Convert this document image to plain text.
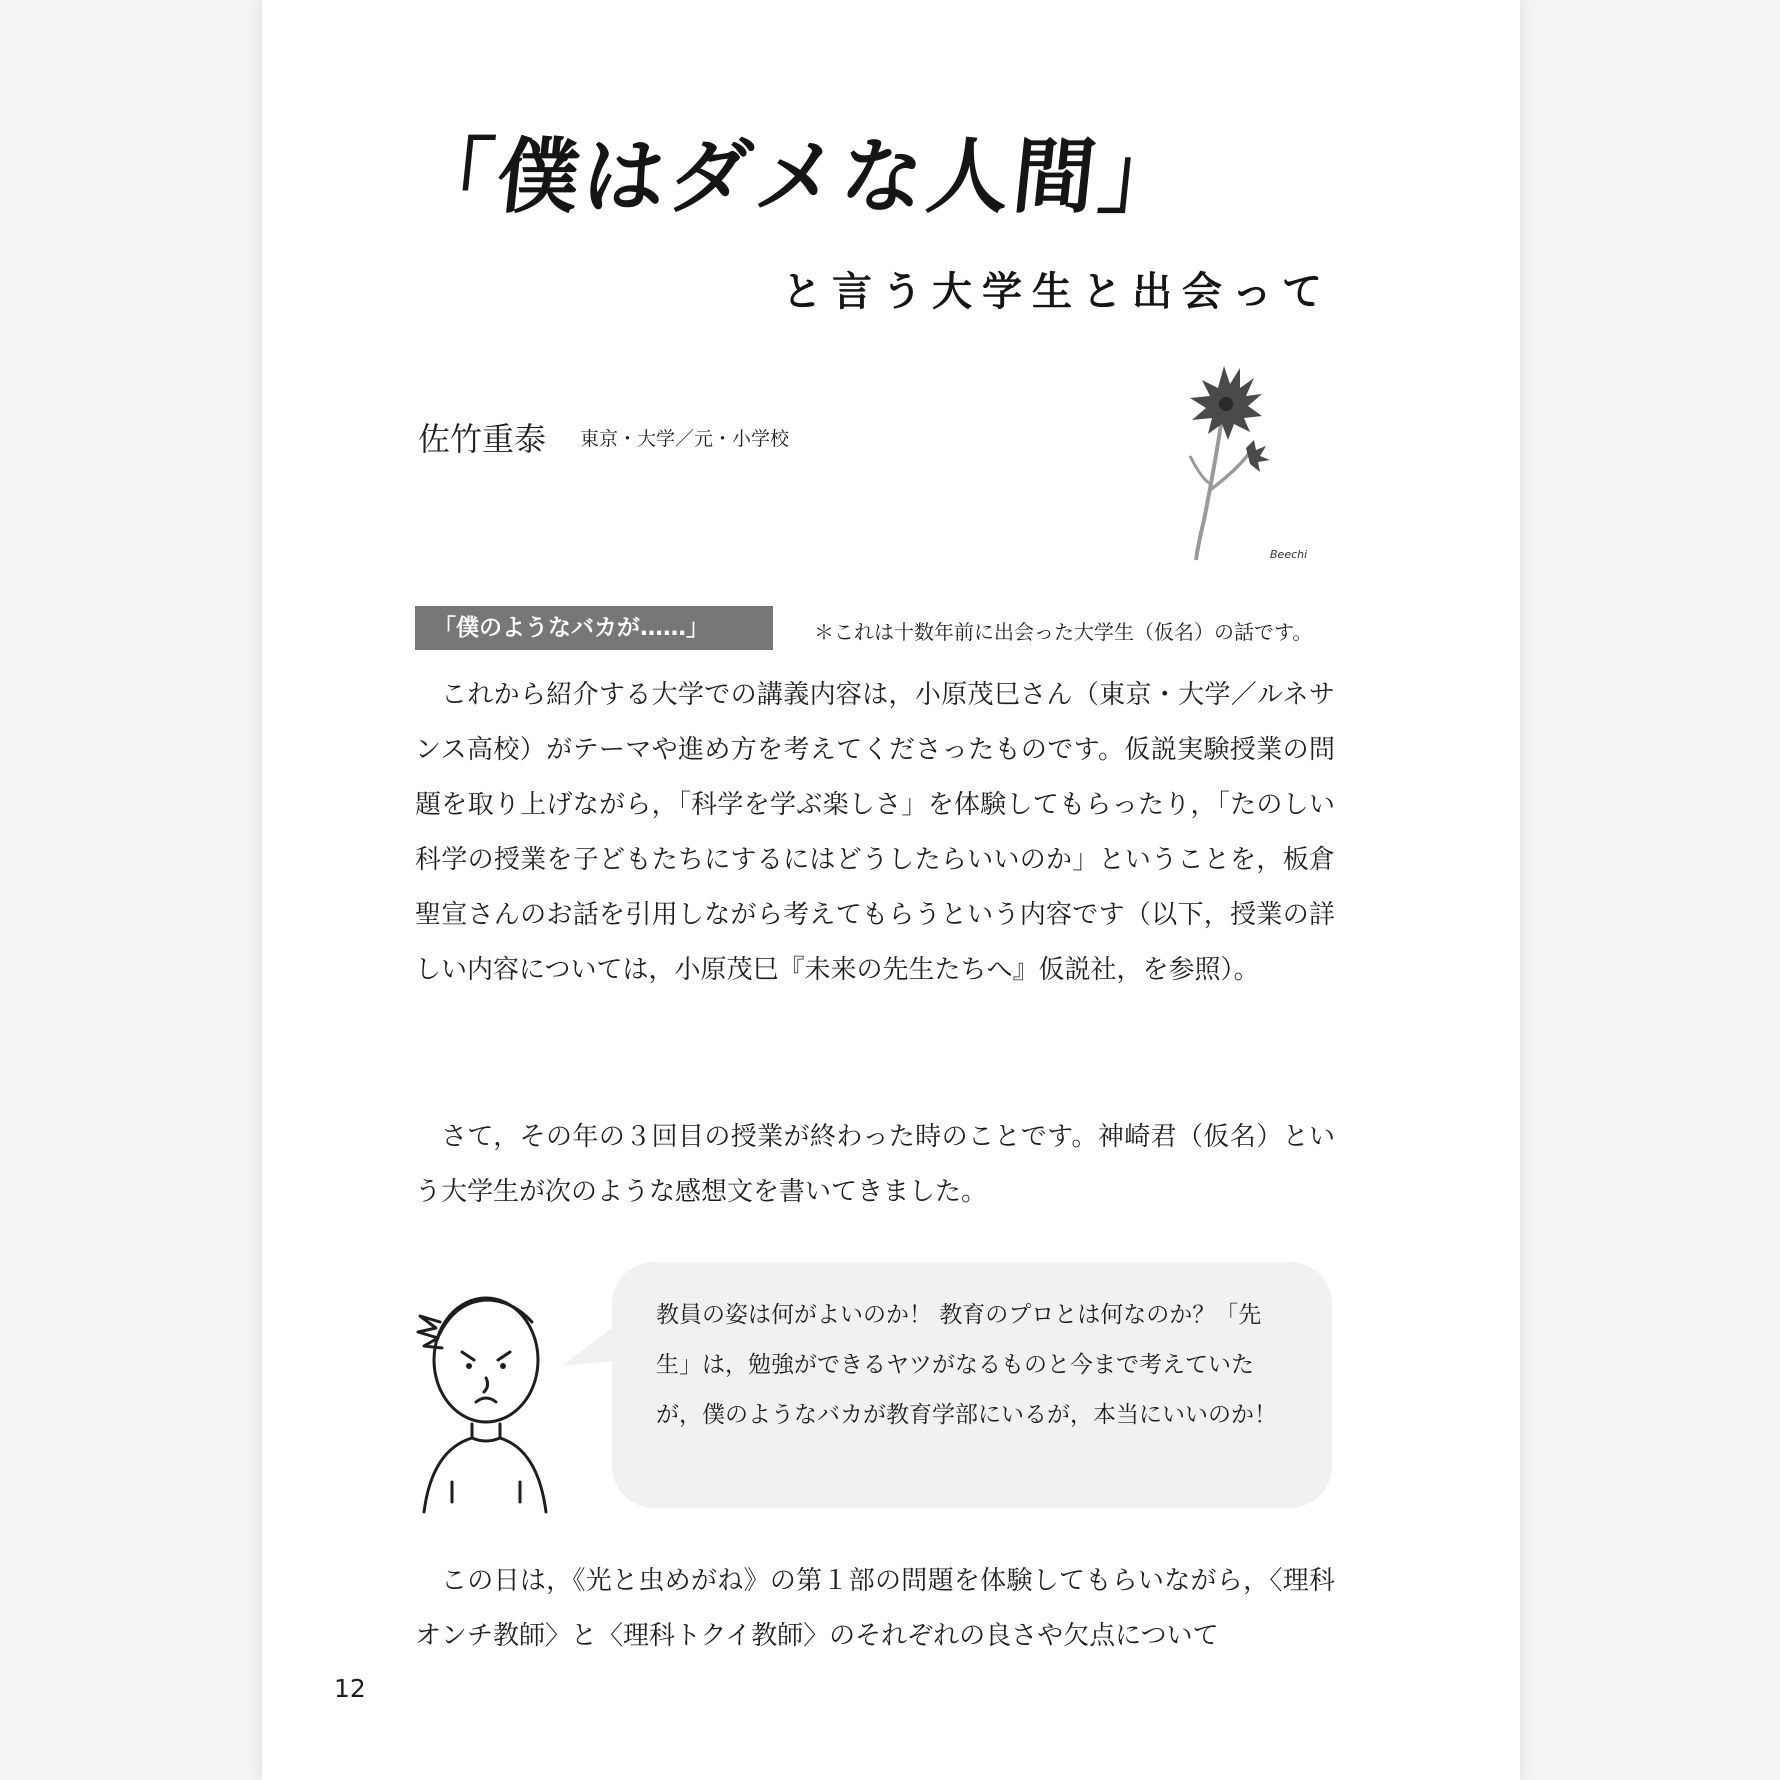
「僕はダメな人間」
と言う大学生と出会って
佐竹重泰 東京・大学／元・小学校
Beechi
「僕のようなバカが……」	＊これは十数年前に出会った大学生（仮名）の話です。

これから紹介する大学での講義内容は，小原茂巳さん（東京・大学／ルネサンス高校）がテーマや進め方を考えてくださったものです。仮説実験授業の問題を取り上げながら，「科学を学ぶ楽しさ」を体験してもらったり，「たのしい科学の授業を子どもたちにするにはどうしたらいいのか」ということを，板倉聖宣さんのお話を引用しながら考えてもらうという内容です（以下，授業の詳しい内容については，小原茂巳『未来の先生たちへ』仮説社，を参照）。

さて，その年の３回目の授業が終わった時のことです。神崎君（仮名）という大学生が次のような感想文を書いてきました。

教員の姿は何がよいのか！ 教育のプロとは何なのか？「先生」は，勉強ができるヤツがなるものと今まで考えていたが，僕のようなバカが教育学部にいるが，本当にいいのか！

この日は，《光と虫めがね》の第１部の問題を体験してもらいながら，〈理科オンチ教師〉と〈理科トクイ教師〉のそれぞれの良さや欠点について

12
